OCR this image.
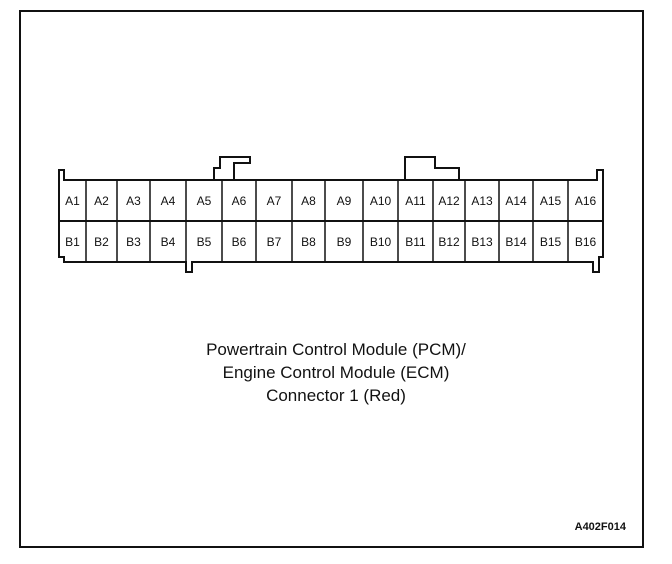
A1 A2 A3 A4 A5 A6 A7 A8 A9 A10 A11 A12 A13 A14 A15 A16
B1 B2 B3 B4 B5 B6 B7 B8 B9 B10 B11 B12 B13 B14 B15 B16
Powertrain Control Module (PCM)/
Engine Control Module (ECM)
Connector 1 (Red)
A402F014
